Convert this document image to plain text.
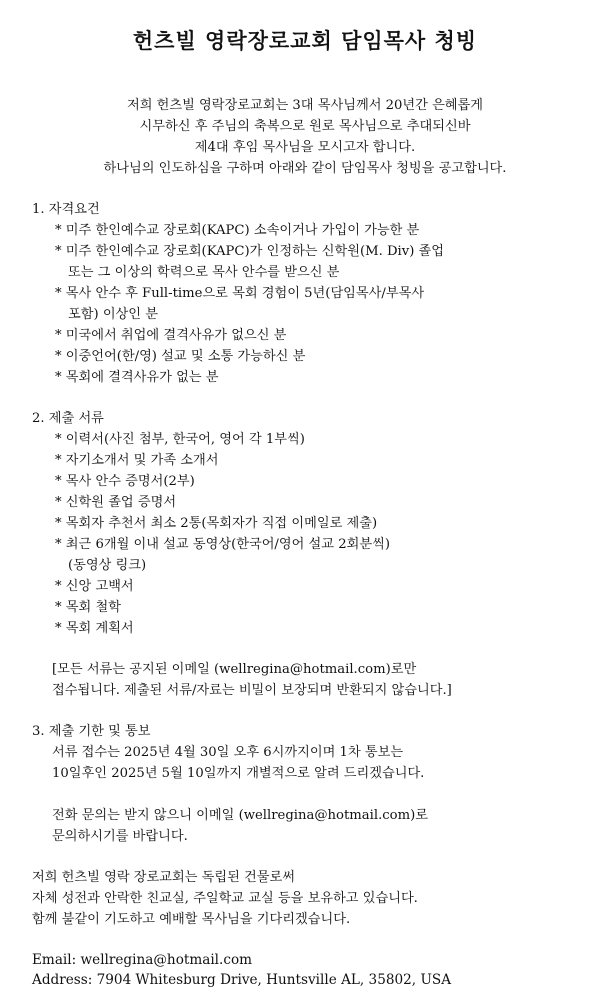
헌츠빌 영락장로교회 담임목사 청빙
저희 헌츠빌 영락장로교회는 3대 목사님께서 20년간 은혜롭게
시무하신 후 주님의 축복으로 원로 목사님으로 추대되신바
제4대 후임 목사님을 모시고자 합니다.
하나님의 인도하심을 구하며 아래와 같이 담임목사 청빙을 공고합니다.
1. 자격요건
* 미주 한인예수교 장로회(KAPC) 소속이거나 가입이 가능한 분
* 미주 한인예수교 장로회(KAPC)가 인정하는 신학원(M. Div) 졸업
또는 그 이상의 학력으로 목사 안수를 받으신 분
* 목사 안수 후 Full-time으로 목회 경험이 5년(담임목사/부목사
포함) 이상인 분
* 미국에서 취업에 결격사유가 없으신 분
* 이중언어(한/영) 설교 및 소통 가능하신 분
* 목회에 결격사유가 없는 분
2. 제출 서류
* 이력서(사진 첨부, 한국어, 영어 각 1부씩)
* 자기소개서 및 가족 소개서
* 목사 안수 증명서(2부)
* 신학원 졸업 증명서
* 목회자 추천서 최소 2통(목회자가 직접 이메일로 제출)
* 최근 6개월 이내 설교 동영상(한국어/영어 설교 2회분씩)
(동영상 링크)
* 신앙 고백서
* 목회 철학
* 목회 계획서
[모든 서류는 공지된 이메일 (wellregina@hotmail.com)로만
접수됩니다. 제출된 서류/자료는 비밀이 보장되며 반환되지 않습니다.]
3. 제출 기한 및 통보
서류 접수는 2025년 4월 30일 오후 6시까지이며 1차 통보는
10일후인 2025년 5월 10일까지 개별적으로 알려 드리겠습니다.
전화 문의는 받지 않으니 이메일 (wellregina@hotmail.com)로
문의하시기를 바랍니다.
저희 헌츠빌 영락 장로교회는 독립된 건물로써
자체 성전과 안락한 친교실, 주일학교 교실 등을 보유하고 있습니다.
함께 불같이 기도하고 예배할 목사님을 기다리겠습니다.
Email: wellregina@hotmail.com
Address: 7904 Whitesburg Drive, Huntsville AL, 35802, USA
